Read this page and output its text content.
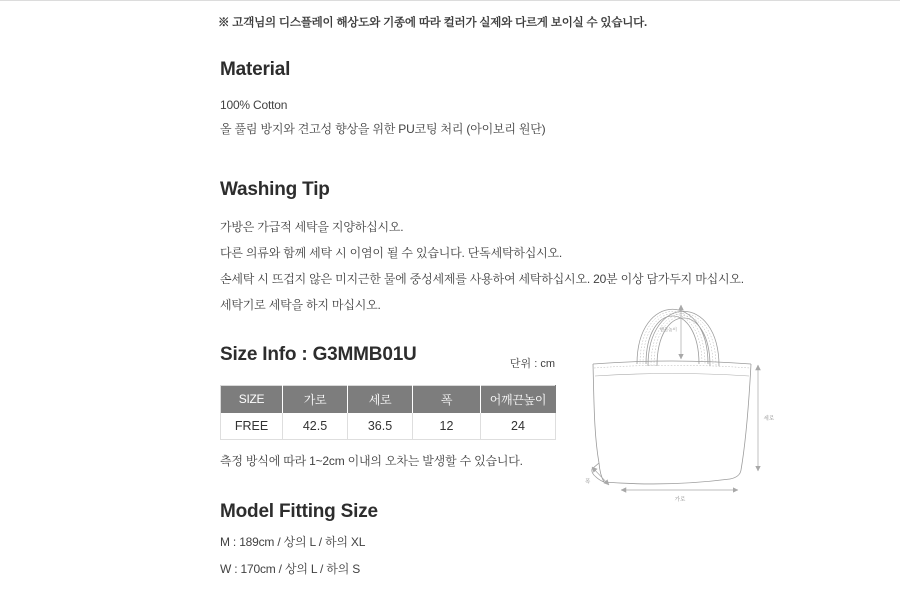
※ 고객님의 디스플레이 해상도와 기종에 따라 컬러가 실제와 다르게 보이실 수 있습니다.
Material

100% Cotton

올 풀림 방지와 견고성 향상을 위한 PU코팅 처리 (아이보리 원단)

Washing Tip

가방은 가급적 세탁을 지양하십시오.

다른 의류와 함께 세탁 시 이염이 될 수 있습니다. 단독세탁하십시오.

손세탁 시 뜨겁지 않은 미지근한 물에 중성세제를 사용하여 세탁하십시오. 20분 이상 담가두지 마십시오.

세탁기로 세탁을 하지 마십시오.

Size Info : G3MMB01U	단위 : cm
SIZE	가로	세로	폭	어깨끈높이
FREE	42.5	36.5	12	24

측정 방식에 따라 1~2cm 이내의 오차는 발생할 수 있습니다.

핸들높이
세로
가로
폭
Model Fitting Size

M : 189cm / 상의 L / 하의 XL

W : 170cm / 상의 L / 하의 S
